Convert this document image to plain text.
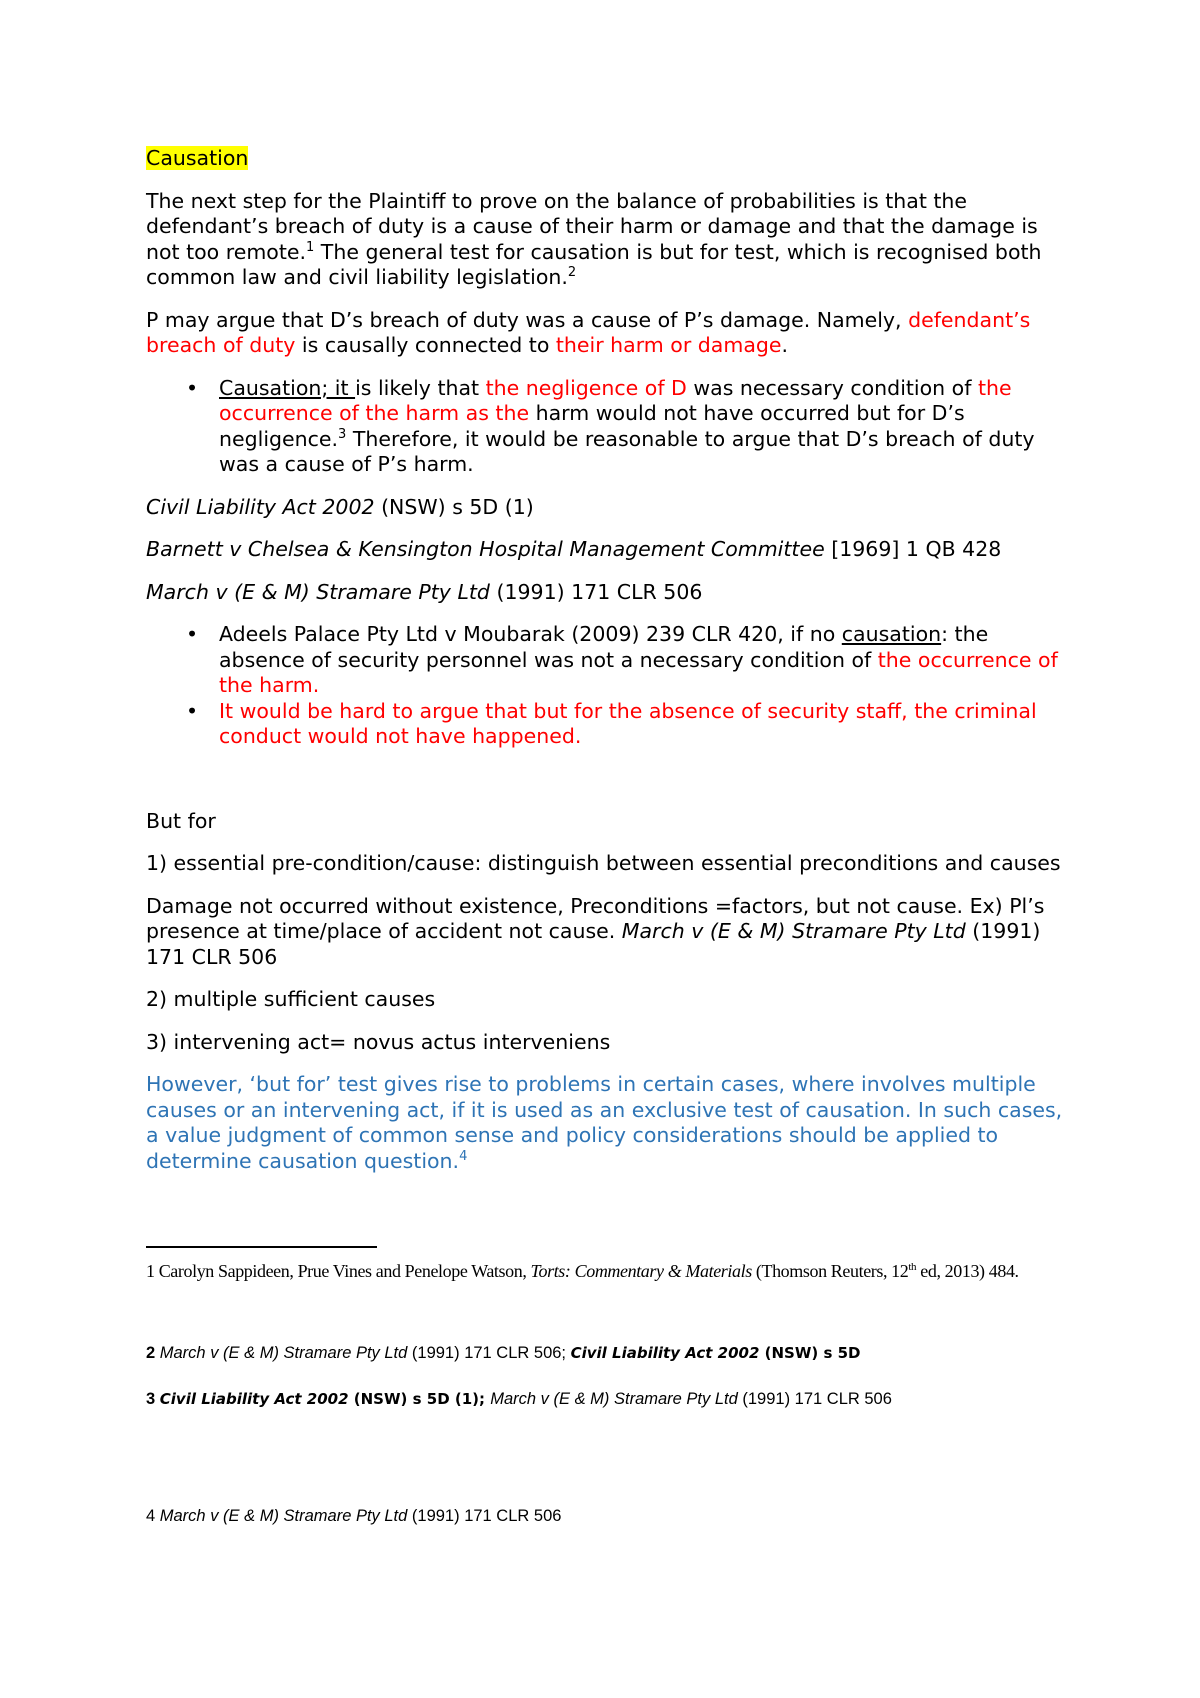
Causation

The next step for the Plaintiff to prove on the balance of probabilities is that the defendant’s breach of duty is a cause of their harm or damage and that the damage is not too remote.$^1$ The general test for causation is but for test, which is recognised both common law and civil liability legislation.$^2$

P may argue that D’s breach of duty was a cause of P’s damage. Namely, defendant’s breach of duty is causally connected to their harm or damage.

• Causation; it is likely that the negligence of D was necessary condition of the occurrence of the harm as the harm would not have occurred but for D’s negligence.$^3$ Therefore, it would be reasonable to argue that D’s breach of duty was a cause of P’s harm.

Civil Liability Act 2002 (NSW) s 5D (1)

Barnett v Chelsea & Kensington Hospital Management Committee [1969] 1 QB 428

March v (E & M) Stramare Pty Ltd (1991) 171 CLR 506

• Adeels Palace Pty Ltd v Moubarak (2009) 239 CLR 420, if no causation: the absence of security personnel was not a necessary condition of the occurrence of the harm.
• It would be hard to argue that but for the absence of security staff, the criminal conduct would not have happened.

But for

1) essential pre-condition/cause: distinguish between essential preconditions and causes

Damage not occurred without existence, Preconditions =factors, but not cause. Ex) Pl’s presence at time/place of accident not cause. March v (E & M) Stramare Pty Ltd (1991) 171 CLR 506

2) multiple sufficient causes

3) intervening act= novus actus interveniens

However, ‘but for’ test gives rise to problems in certain cases, where involves multiple causes or an intervening act, if it is used as an exclusive test of causation. In such cases, a value judgment of common sense and policy considerations should be applied to determine causation question.$^4$

1 Carolyn Sappideen, Prue Vines and Penelope Watson, Torts: Commentary & Materials (Thomson Reuters, 12th ed, 2013) 484.
2 March v (E & M) Stramare Pty Ltd (1991) 171 CLR 506; Civil Liability Act 2002 (NSW) s 5D
3 Civil Liability Act 2002 (NSW) s 5D (1); March v (E & M) Stramare Pty Ltd (1991) 171 CLR 506
4 March v (E & M) Stramare Pty Ltd (1991) 171 CLR 506
